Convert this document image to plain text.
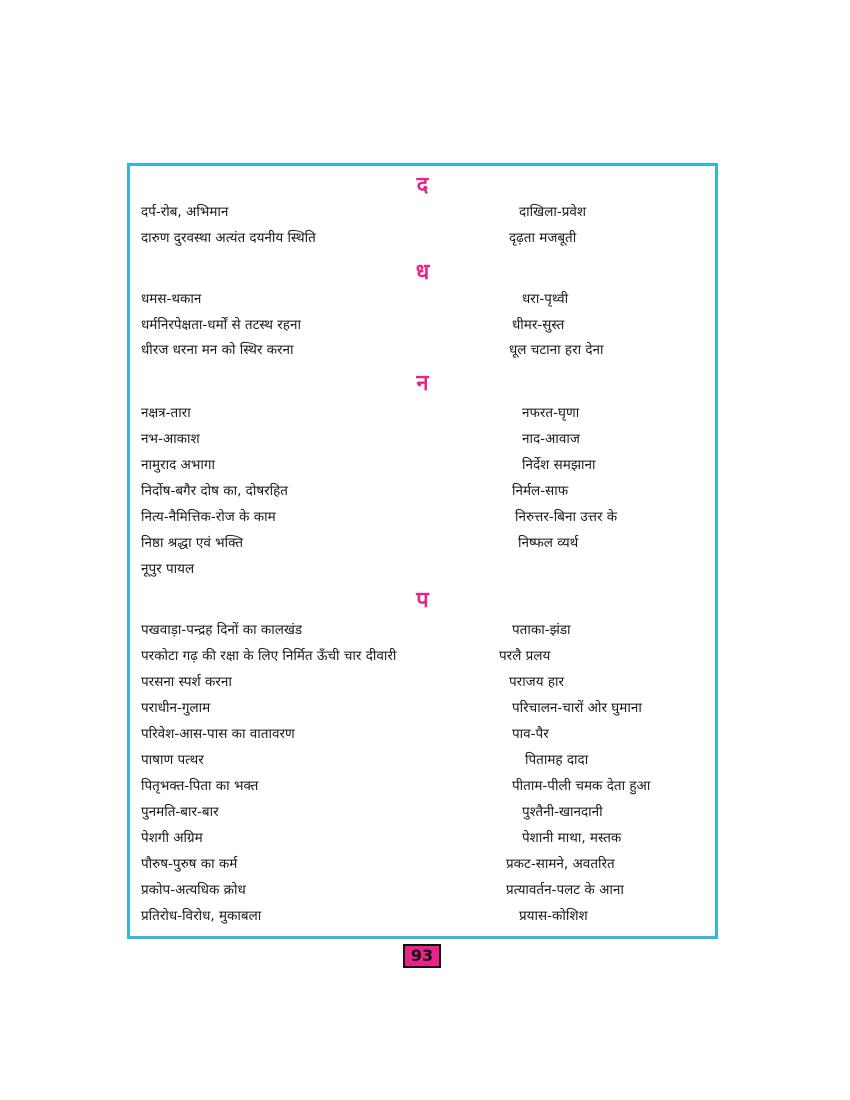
द
दर्प-रोब, अभिमान	दाखिला-प्रवेश
दारुण दुरवस्था अत्यंत दयनीय स्थिति	दृढ़ता मजबूती
ध
धमस-थकान	धरा-पृथ्वी
धर्मनिरपेक्षता-धर्मों से तटस्थ रहना	धीमर-सुस्त
धीरज धरना मन को स्थिर करना	धूल चटाना हरा देना
न
नक्षत्र-तारा	नफरत-घृणा
नभ-आकाश	नाद-आवाज
नामुराद अभागा	निर्देश समझाना
निर्दोष-बगैर दोष का, दोषरहित	निर्मल-साफ
नित्य-नैमित्तिक-रोज के काम	निरुत्तर-बिना उत्तर के
निष्ठा श्रद्धा एवं भक्ति	निष्फल व्यर्थ
नूपुर पायल
प
पखवाड़ा-पन्द्रह दिनों का कालखंड	पताका-झंडा
परकोटा गढ़ की रक्षा के लिए निर्मित ऊँची चार दीवारी	परलै प्रलय
परसना स्पर्श करना	पराजय हार
पराधीन-गुलाम	परिचालन-चारों ओर घुमाना
परिवेश-आस-पास का वातावरण	पाव-पैर
पाषाण पत्थर	पितामह दादा
पितृभक्त-पिता का भक्त	पीताम-पीली चमक देता हुआ
पुनमति-बार-बार	पुश्तैनी-खानदानी
पेशगी अग्रिम	पेशानी माथा, मस्तक
पौरुष-पुरुष का कर्म	प्रकट-सामने, अवतरित
प्रकोप-अत्यधिक क्रोध	प्रत्यावर्तन-पलट के आना
प्रतिरोध-विरोध, मुकाबला	प्रयास-कोशिश
93
